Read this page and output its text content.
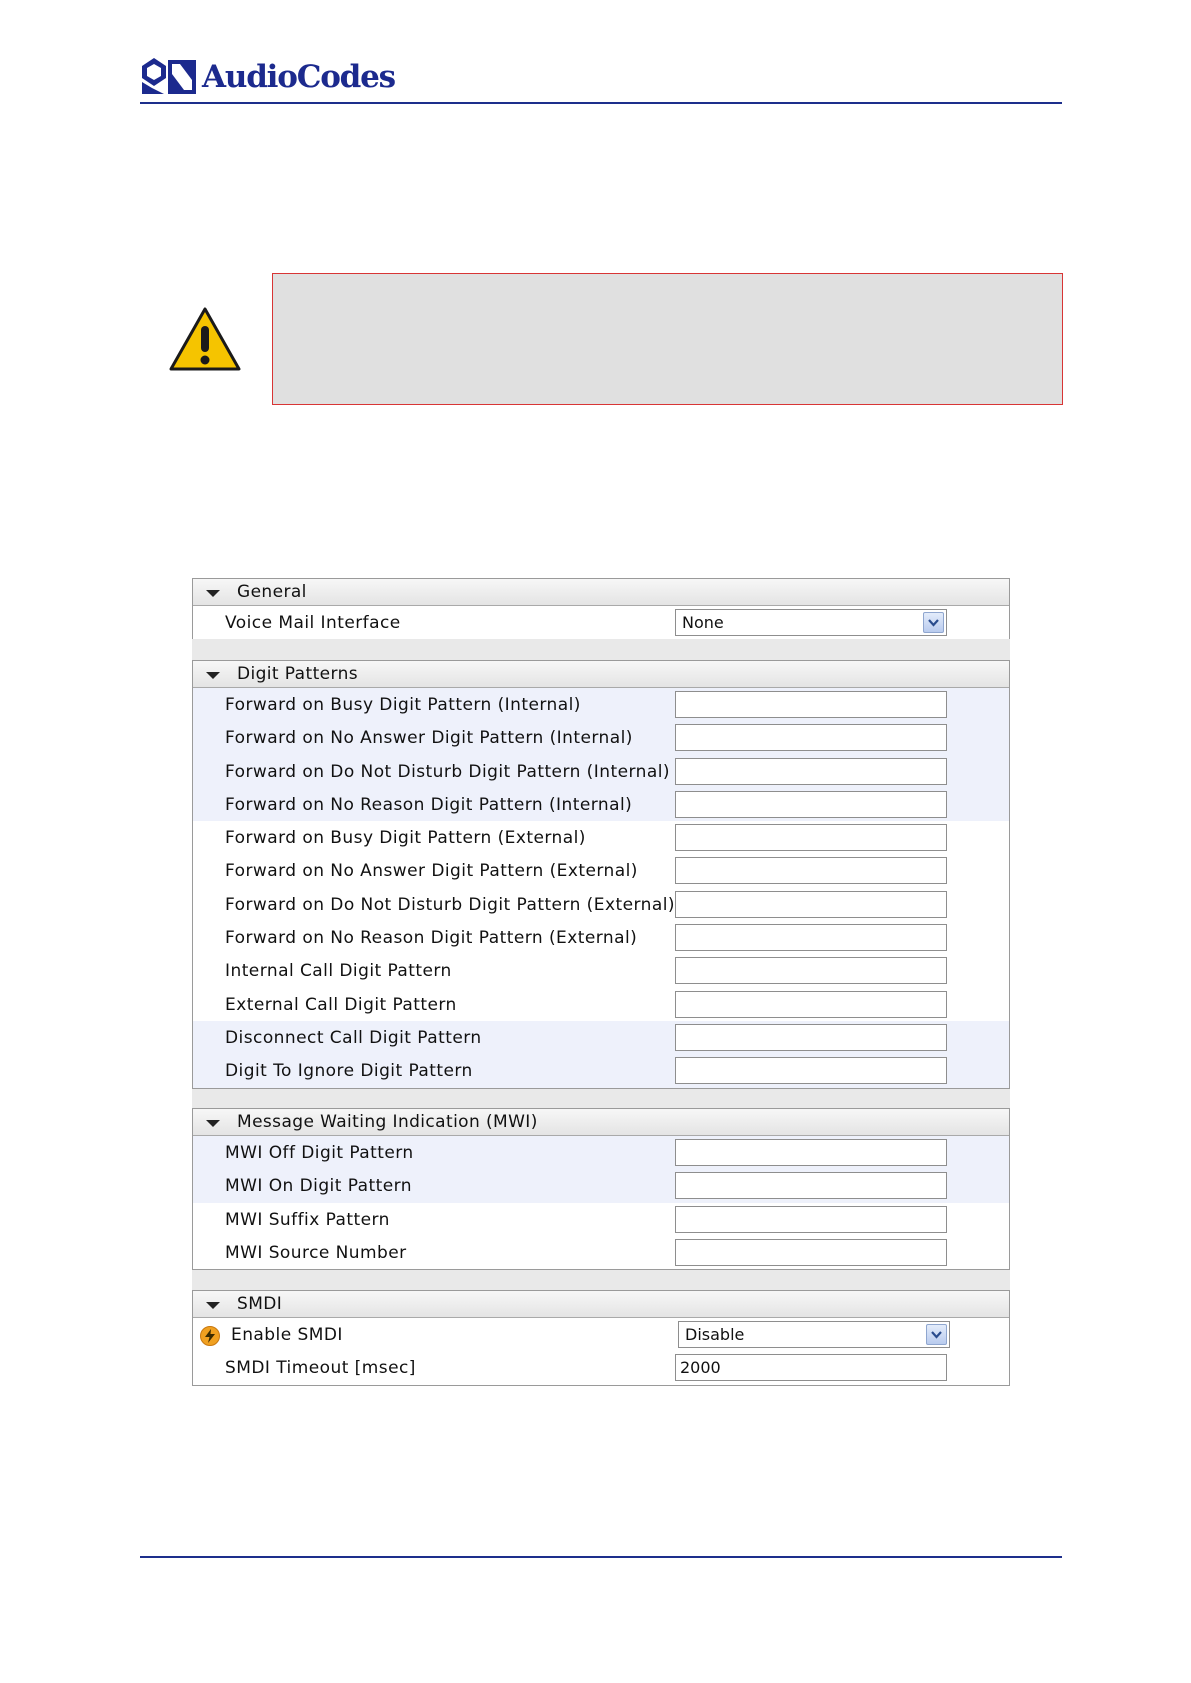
AudioCodes
General
Voice Mail Interface	None
Digit Patterns
Forward on Busy Digit Pattern (Internal)
Forward on No Answer Digit Pattern (Internal)
Forward on Do Not Disturb Digit Pattern (Internal)
Forward on No Reason Digit Pattern (Internal)
Forward on Busy Digit Pattern (External)
Forward on No Answer Digit Pattern (External)
Forward on Do Not Disturb Digit Pattern (External)
Forward on No Reason Digit Pattern (External)
Internal Call Digit Pattern
External Call Digit Pattern
Disconnect Call Digit Pattern
Digit To Ignore Digit Pattern
Message Waiting Indication (MWI)
MWI Off Digit Pattern
MWI On Digit Pattern
MWI Suffix Pattern
MWI Source Number
SMDI
Enable SMDI	Disable
SMDI Timeout [msec]	2000
